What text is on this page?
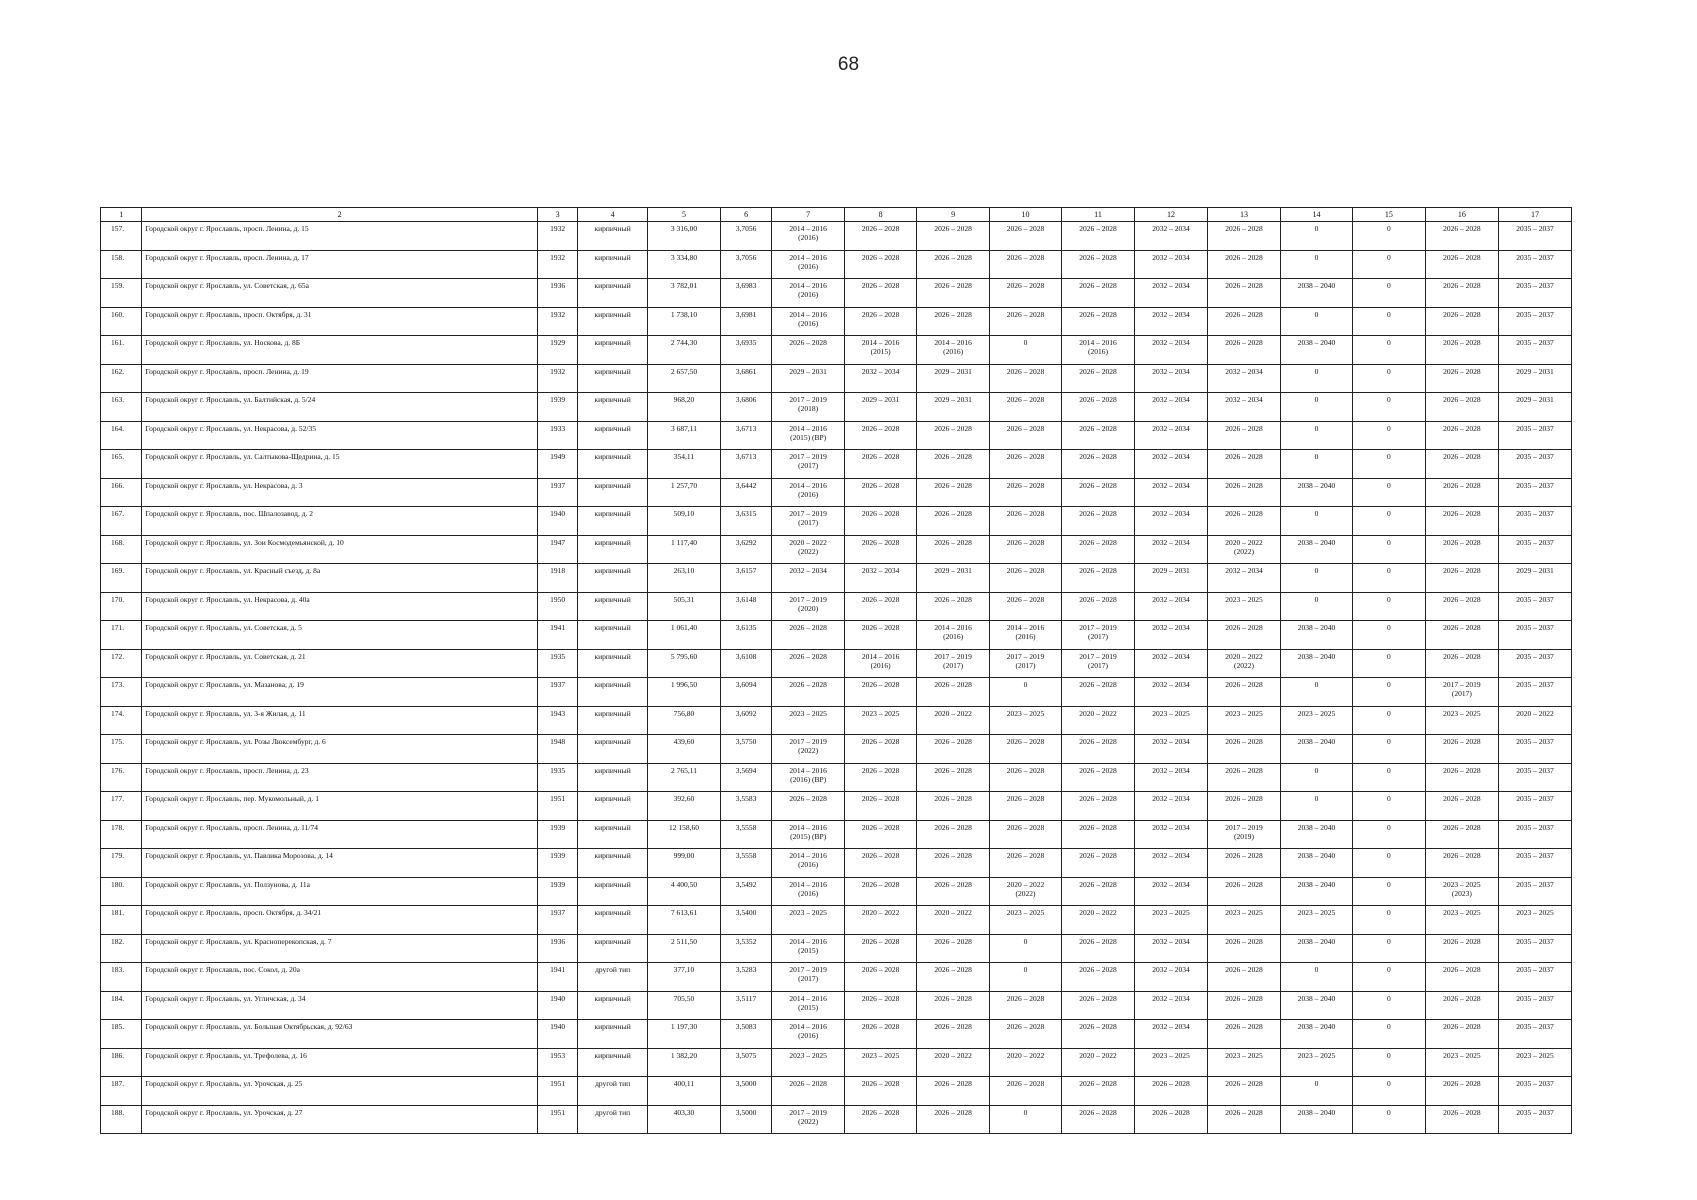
68
1	2	3	4	5	6	7	8	9	10	11	12	13	14	15	16	17

157.	Городской округ г. Ярославль, просп. Ленина, д. 15	1932	кирпичный	3 316,00	3,7056	2014 – 2016
(2016)	2026 – 2028	2026 – 2028	2026 – 2028	2026 – 2028	2032 – 2034	2026 – 2028	0	0	2026 – 2028	2035 – 2037

158.	Городской округ г. Ярославль, просп. Ленина, д. 17	1932	кирпичный	3 334,80	3,7056	2014 – 2016
(2016)	2026 – 2028	2026 – 2028	2026 – 2028	2026 – 2028	2032 – 2034	2026 – 2028	0	0	2026 – 2028	2035 – 2037

159.	Городской округ г. Ярославль, ул. Советская, д. 65а	1936	кирпичный	3 782,01	3,6983	2014 – 2016
(2016)	2026 – 2028	2026 – 2028	2026 – 2028	2026 – 2028	2032 – 2034	2026 – 2028	2038 – 2040	0	2026 – 2028	2035 – 2037

160.	Городской округ г. Ярославль, просп. Октября, д. 31	1932	кирпичный	1 738,10	3,6981	2014 – 2016
(2016)	2026 – 2028	2026 – 2028	2026 – 2028	2026 – 2028	2032 – 2034	2026 – 2028	0	0	2026 – 2028	2035 – 2037

161.	Городской округ г. Ярославль, ул. Носкова, д. 8Б	1929	кирпичный	2 744,30	3,6935	2026 – 2028	2014 – 2016
(2015)	2014 – 2016
(2016)	0	2014 – 2016
(2016)	2032 – 2034	2026 – 2028	2038 – 2040	0	2026 – 2028	2035 – 2037

162.	Городской округ г. Ярославль, просп. Ленина, д. 19	1932	кирпичный	2 657,50	3,6861	2029 – 2031	2032 – 2034	2029 – 2031	2026 – 2028	2026 – 2028	2032 – 2034	2032 – 2034	0	0	2026 – 2028	2029 – 2031

163.	Городской округ г. Ярославль, ул. Балтийская, д. 5/24	1939	кирпичный	968,20	3,6806	2017 – 2019
(2018)	2029 – 2031	2029 – 2031	2026 – 2028	2026 – 2028	2032 – 2034	2032 – 2034	0	0	2026 – 2028	2029 – 2031

164.	Городской округ г. Ярославль, ул. Некрасова, д. 52/35	1933	кирпичный	3 687,11	3,6713	2014 – 2016
(2015) (ВР)	2026 – 2028	2026 – 2028	2026 – 2028	2026 – 2028	2032 – 2034	2026 – 2028	0	0	2026 – 2028	2035 – 2037

165.	Городской округ г. Ярославль, ул. Салтыкова-Щедрина, д. 15	1949	кирпичный	354,11	3,6713	2017 – 2019
(2017)	2026 – 2028	2026 – 2028	2026 – 2028	2026 – 2028	2032 – 2034	2026 – 2028	0	0	2026 – 2028	2035 – 2037

166.	Городской округ г. Ярославль, ул. Некрасова, д. 3	1937	кирпичный	1 257,70	3,6442	2014 – 2016
(2016)	2026 – 2028	2026 – 2028	2026 – 2028	2026 – 2028	2032 – 2034	2026 – 2028	2038 – 2040	0	2026 – 2028	2035 – 2037

167.	Городской округ г. Ярославль, пос. Шпалозавод, д. 2	1940	кирпичный	509,10	3,6315	2017 – 2019
(2017)	2026 – 2028	2026 – 2028	2026 – 2028	2026 – 2028	2032 – 2034	2026 – 2028	0	0	2026 – 2028	2035 – 2037

168.	Городской округ г. Ярославль, ул. Зои Космодемьянской, д. 10	1947	кирпичный	1 117,40	3,6292	2020 – 2022
(2022)	2026 – 2028	2026 – 2028	2026 – 2028	2026 – 2028	2032 – 2034	2020 – 2022
(2022)	2038 – 2040	0	2026 – 2028	2035 – 2037

169.	Городской округ г. Ярославль, ул. Красный съезд, д. 8а	1918	кирпичный	263,10	3,6157	2032 – 2034	2032 – 2034	2029 – 2031	2026 – 2028	2026 – 2028	2029 – 2031	2032 – 2034	0	0	2026 – 2028	2029 – 2031

170.	Городской округ г. Ярославль, ул. Некрасова, д. 40а	1950	кирпичный	505,31	3,6148	2017 – 2019
(2020)	2026 – 2028	2026 – 2028	2026 – 2028	2026 – 2028	2032 – 2034	2023 – 2025	0	0	2026 – 2028	2035 – 2037

171.	Городской округ г. Ярославль, ул. Советская, д. 5	1941	кирпичный	1 061,40	3,6135	2026 – 2028	2026 – 2028	2014 – 2016
(2016)	2014 – 2016
(2016)	2017 – 2019
(2017)	2032 – 2034	2026 – 2028	2038 – 2040	0	2026 – 2028	2035 – 2037

172.	Городской округ г. Ярославль, ул. Советская, д. 21	1935	кирпичный	5 795,60	3,6108	2026 – 2028	2014 – 2016
(2016)	2017 – 2019
(2017)	2017 – 2019
(2017)	2017 – 2019
(2017)	2032 – 2034	2020 – 2022
(2022)	2038 – 2040	0	2026 – 2028	2035 – 2037

173.	Городской округ г. Ярославль, ул. Мазанова, д. 19	1937	кирпичный	1 996,50	3,6094	2026 – 2028	2026 – 2028	2026 – 2028	0	2026 – 2028	2032 – 2034	2026 – 2028	0	0	2017 – 2019
(2017)	2035 – 2037

174.	Городской округ г. Ярославль, ул. 3-я Жилая, д. 11	1943	кирпичный	756,80	3,6092	2023 – 2025	2023 – 2025	2020 – 2022	2023 – 2025	2020 – 2022	2023 – 2025	2023 – 2025	2023 – 2025	0	2023 – 2025	2020 – 2022

175.	Городской округ г. Ярославль, ул. Розы Люксембург, д. 6	1948	кирпичный	439,60	3,5750	2017 – 2019
(2022)	2026 – 2028	2026 – 2028	2026 – 2028	2026 – 2028	2032 – 2034	2026 – 2028	2038 – 2040	0	2026 – 2028	2035 – 2037

176.	Городской округ г. Ярославль, просп. Ленина, д. 23	1935	кирпичный	2 765,11	3,5694	2014 – 2016
(2016) (ВР)	2026 – 2028	2026 – 2028	2026 – 2028	2026 – 2028	2032 – 2034	2026 – 2028	0	0	2026 – 2028	2035 – 2037

177.	Городской округ г. Ярославль, пер. Мукомольный, д. 1	1951	кирпичный	392,60	3,5583	2026 – 2028	2026 – 2028	2026 – 2028	2026 – 2028	2026 – 2028	2032 – 2034	2026 – 2028	0	0	2026 – 2028	2035 – 2037

178.	Городской округ г. Ярославль, просп. Ленина, д. 11/74	1939	кирпичный	12 158,60	3,5558	2014 – 2016
(2015) (ВР)	2026 – 2028	2026 – 2028	2026 – 2028	2026 – 2028	2032 – 2034	2017 – 2019
(2019)	2038 – 2040	0	2026 – 2028	2035 – 2037

179.	Городской округ г. Ярославль, ул. Павлика Морозова, д. 14	1939	кирпичный	999,00	3,5558	2014 – 2016
(2016)	2026 – 2028	2026 – 2028	2026 – 2028	2026 – 2028	2032 – 2034	2026 – 2028	2038 – 2040	0	2026 – 2028	2035 – 2037

180.	Городской округ г. Ярославль, ул. Ползунова, д. 11а	1939	кирпичный	4 400,50	3,5492	2014 – 2016
(2016)	2026 – 2028	2026 – 2028	2020 – 2022
(2022)	2026 – 2028	2032 – 2034	2026 – 2028	2038 – 2040	0	2023 – 2025
(2023)	2035 – 2037

181.	Городской округ г. Ярославль, просп. Октября, д. 34/21	1937	кирпичный	7 613,61	3,5400	2023 – 2025	2020 – 2022	2020 – 2022	2023 – 2025	2020 – 2022	2023 – 2025	2023 – 2025	2023 – 2025	0	2023 – 2025	2023 – 2025

182.	Городской округ г. Ярославль, ул. Красноперекопская, д. 7	1936	кирпичный	2 511,50	3,5352	2014 – 2016
(2015)	2026 – 2028	2026 – 2028	0	2026 – 2028	2032 – 2034	2026 – 2028	2038 – 2040	0	2026 – 2028	2035 – 2037

183.	Городской округ г. Ярославль, пос. Сокол, д. 20а	1941	другой тип	377,10	3,5283	2017 – 2019
(2017)	2026 – 2028	2026 – 2028	0	2026 – 2028	2032 – 2034	2026 – 2028	0	0	2026 – 2028	2035 – 2037

184.	Городской округ г. Ярославль, ул. Угличская, д. 34	1940	кирпичный	705,50	3,5117	2014 – 2016
(2015)	2026 – 2028	2026 – 2028	2026 – 2028	2026 – 2028	2032 – 2034	2026 – 2028	2038 – 2040	0	2026 – 2028	2035 – 2037

185.	Городской округ г. Ярославль, ул. Большая Октябрьская, д. 92/63	1940	кирпичный	1 197,30	3,5083	2014 – 2016
(2016)	2026 – 2028	2026 – 2028	2026 – 2028	2026 – 2028	2032 – 2034	2026 – 2028	2038 – 2040	0	2026 – 2028	2035 – 2037

186.	Городской округ г. Ярославль, ул. Трефолева, д. 16	1953	кирпичный	1 382,20	3,5075	2023 – 2025	2023 – 2025	2020 – 2022	2020 – 2022	2020 – 2022	2023 – 2025	2023 – 2025	2023 – 2025	0	2023 – 2025	2023 – 2025

187.	Городской округ г. Ярославль, ул. Урочская, д. 25	1951	другой тип	400,11	3,5000	2026 – 2028	2026 – 2028	2026 – 2028	2026 – 2028	2026 – 2028	2026 – 2028	2026 – 2028	0	0	2026 – 2028	2035 – 2037

188.	Городской округ г. Ярославль, ул. Урочская, д. 27	1951	другой тип	403,30	3,5000	2017 – 2019
(2022)	2026 – 2028	2026 – 2028	0	2026 – 2028	2026 – 2028	2026 – 2028	2038 – 2040	0	2026 – 2028	2035 – 2037
